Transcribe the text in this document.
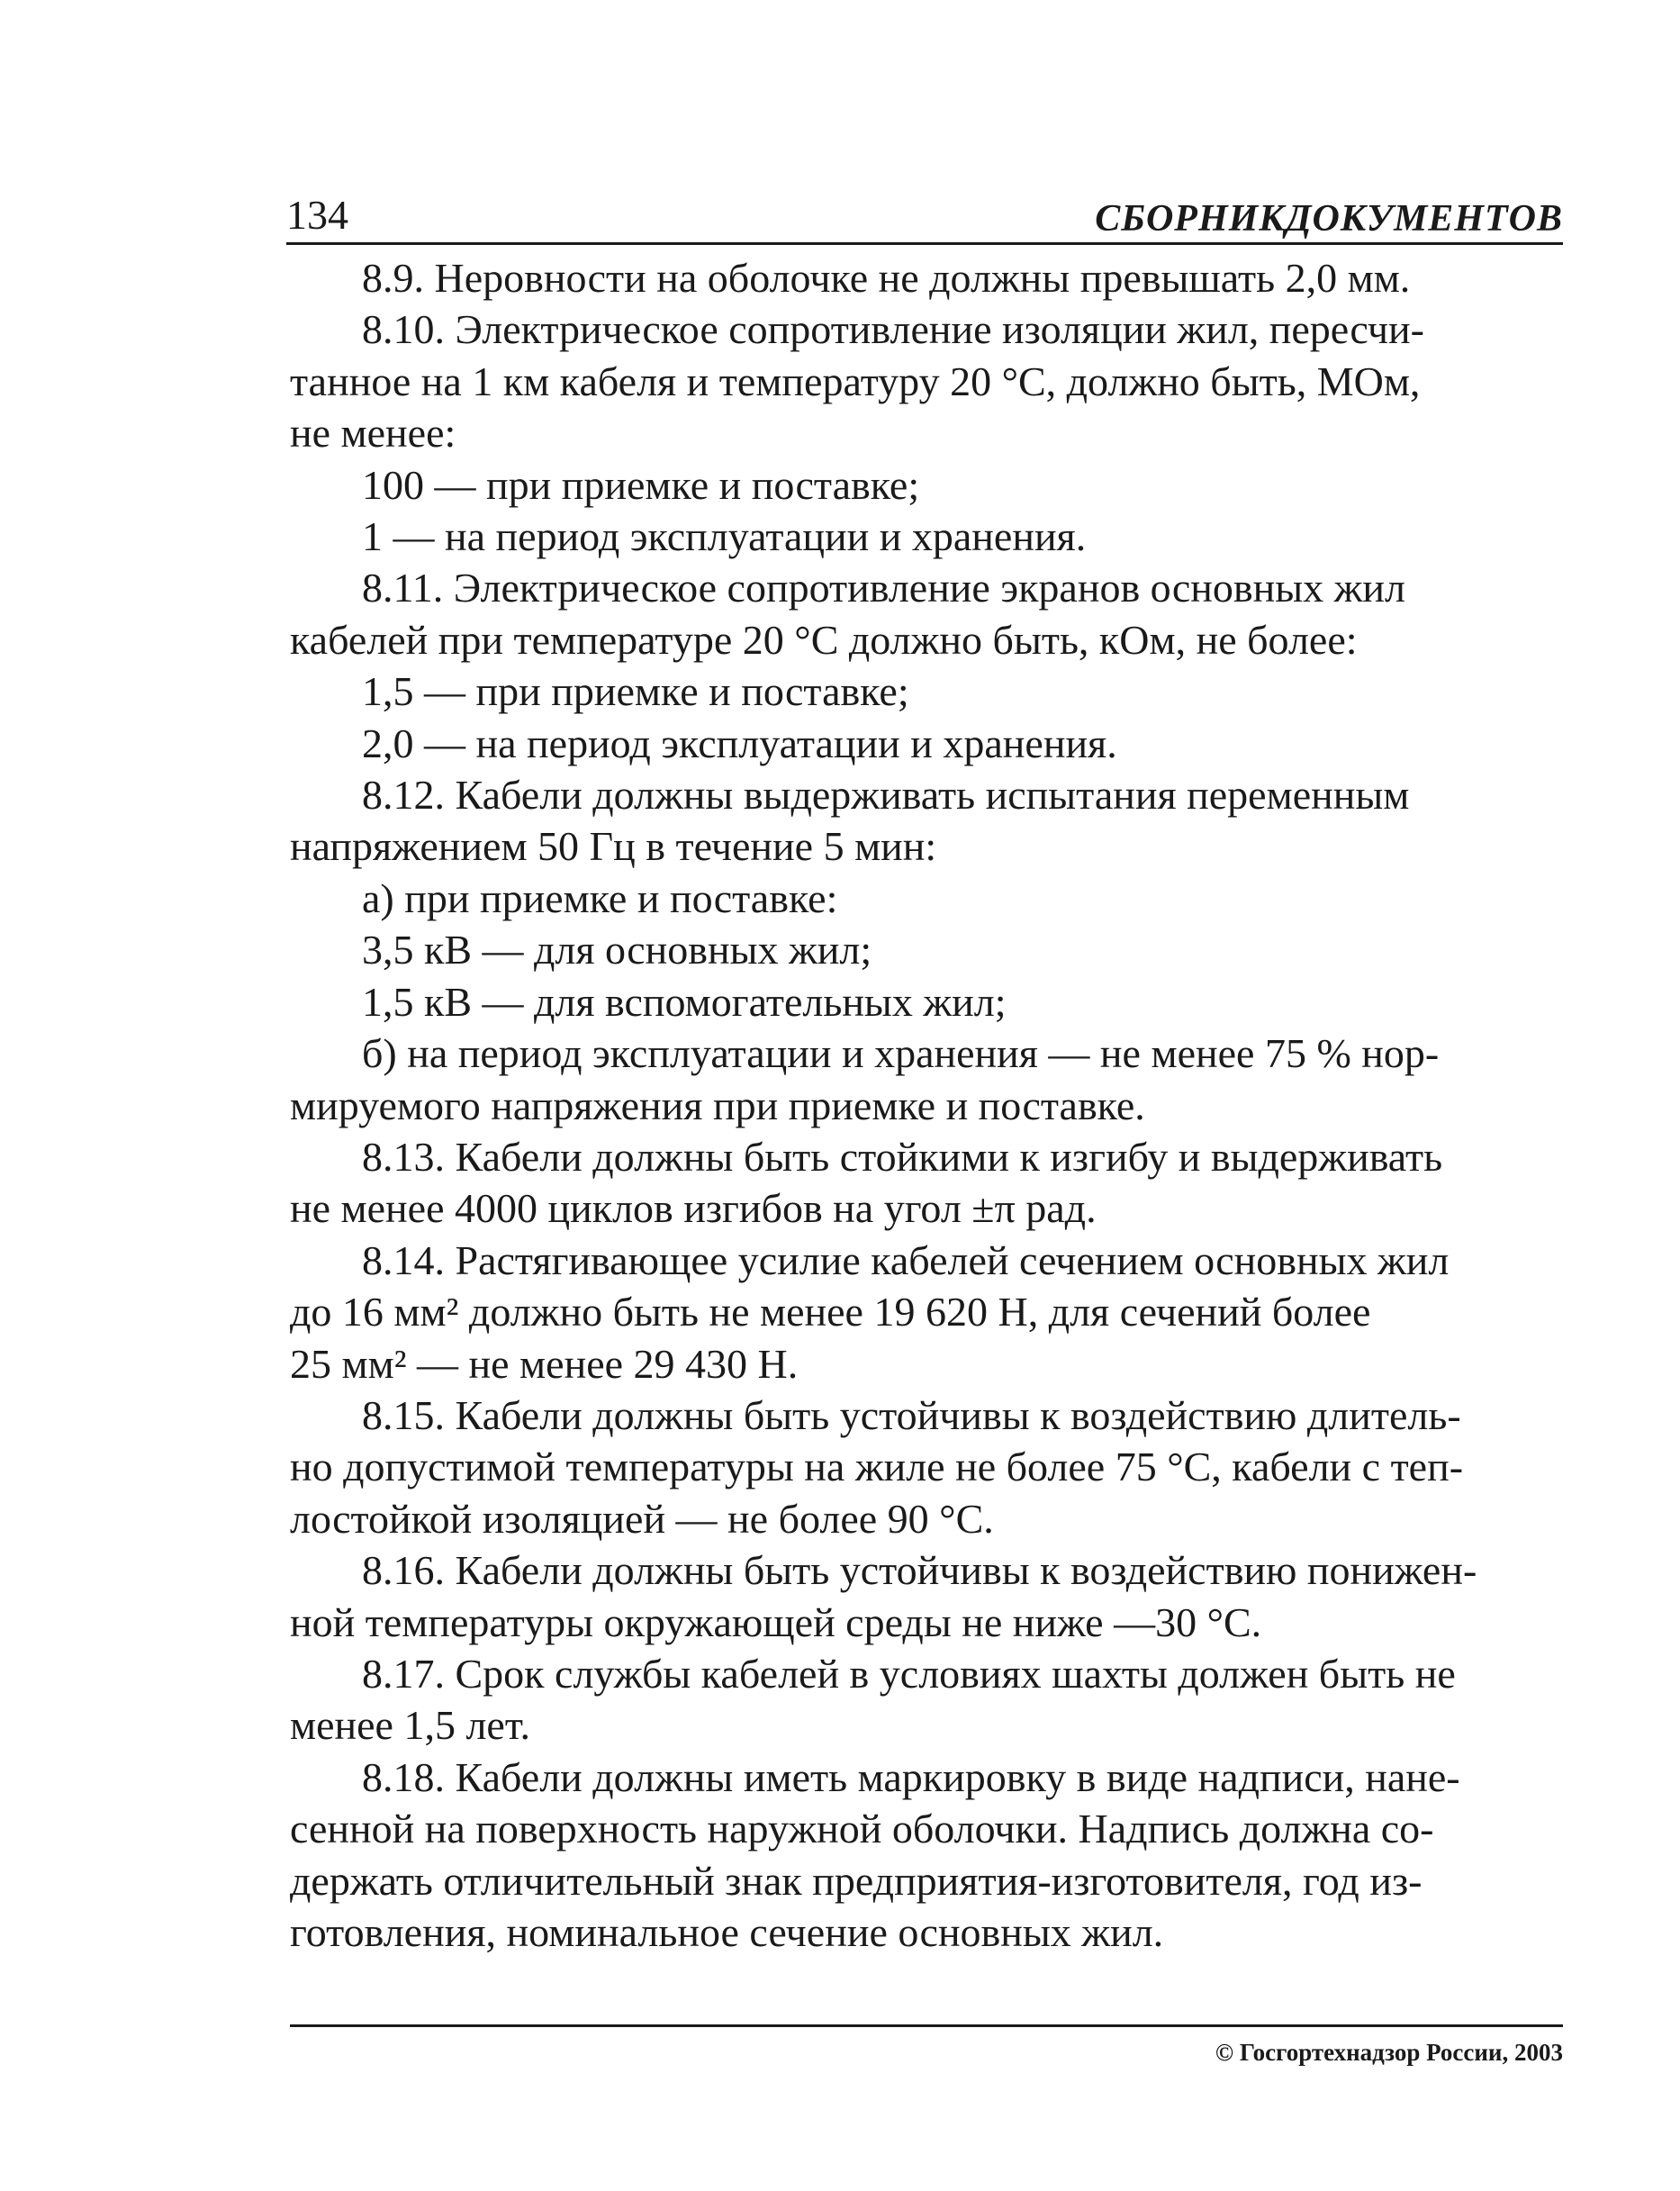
134	СБОРНИКДОКУМЕНТОВ

8.9. Неровности на оболочке не должны превышать 2,0 мм.

8.10. Электрическое сопротивление изоляции жил, пересчи-
танное на 1 км кабеля и температуру 20 °С, должно быть, МОм,
не менее:

100 — при приемке и поставке;

1 — на период эксплуатации и хранения.

8.11. Электрическое сопротивление экранов основных жил
кабелей при температуре 20 °С должно быть, кОм, не более:

1,5 — при приемке и поставке;

2,0 — на период эксплуатации и хранения.

8.12. Кабели должны выдерживать испытания переменным
напряжением 50 Гц в течение 5 мин:

а) при приемке и поставке:

3,5 кВ — для основных жил;

1,5 кВ — для вспомогательных жил;

б) на период эксплуатации и хранения — не менее 75 % нор-
мируемого напряжения при приемке и поставке.

8.13. Кабели должны быть стойкими к изгибу и выдерживать
не менее 4000 циклов изгибов на угол ±π рад.

8.14. Растягивающее усилие кабелей сечением основных жил
до 16 мм² должно быть не менее 19 620 Н, для сечений более
25 мм² — не менее 29 430 Н.

8.15. Кабели должны быть устойчивы к воздействию длитель-
но допустимой температуры на жиле не более 75 °С, кабели с теп-
лостойкой изоляцией — не более 90 °С.

8.16. Кабели должны быть устойчивы к воздействию понижен-
ной температуры окружающей среды не ниже —30 °С.

8.17. Срок службы кабелей в условиях шахты должен быть не
менее 1,5 лет.

8.18. Кабели должны иметь маркировку в виде надписи, нане-
сенной на поверхность наружной оболочки. Надпись должна со-
держать отличительный знак предприятия-изготовителя, год из-
готовления, номинальное сечение основных жил.

© Госгортехнадзор России, 2003
